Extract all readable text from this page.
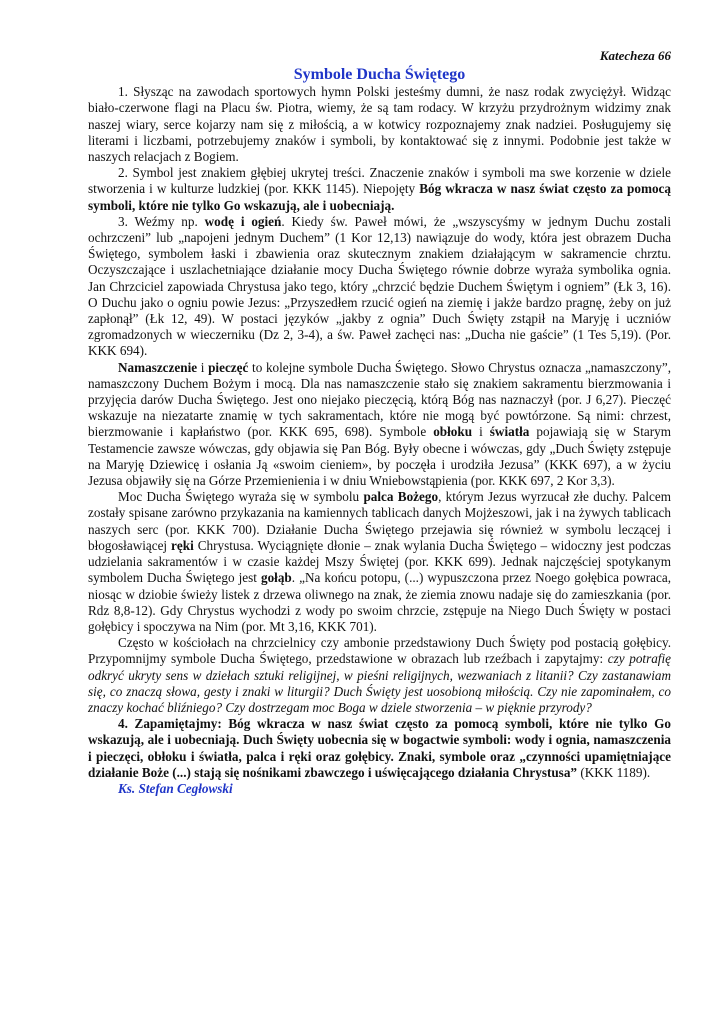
Katecheza 66
Symbole Ducha Świętego

1. Słysząc na zawodach sportowych hymn Polski jesteśmy dumni, że nasz rodak zwyciężył. Widząc biało-czerwone flagi na Placu św. Piotra, wiemy, że są tam rodacy. W krzyżu przydrożnym widzimy znak naszej wiary, serce kojarzy nam się z miłością, a w kotwicy rozpoznajemy znak nadziei. Posługujemy się literami i liczbami, potrzebujemy znaków i symboli, by kontaktować się z innymi. Podobnie jest także w naszych relacjach z Bogiem.

2. Symbol jest znakiem głębiej ukrytej treści. Znaczenie znaków i symboli ma swe korzenie w dziele stworzenia i w kulturze ludzkiej (por. KKK 1145). Niepojęty Bóg wkracza w nasz świat często za pomocą symboli, które nie tylko Go wskazują, ale i uobecniają.

3. Weźmy np. wodę i ogień. Kiedy św. Paweł mówi, że „wszyscyśmy w jednym Duchu zostali ochrzczeni” lub „napojeni jednym Duchem” (1 Kor 12,13) nawiązuje do wody, która jest obrazem Ducha Świętego, symbolem łaski i zbawienia oraz skutecznym znakiem działającym w sakramencie chrztu. Oczyszczające i uszlachetniające działanie mocy Ducha Świętego równie dobrze wyraża symbolika ognia. Jan Chrzciciel zapowiada Chrystusa jako tego, który „chrzcić będzie Duchem Świętym i ogniem” (Łk 3, 16). O Duchu jako o ogniu powie Jezus: „Przyszedłem rzucić ogień na ziemię i jakże bardzo pragnę, żeby on już zapłonął” (Łk 12, 49). W postaci języków „jakby z ognia” Duch Święty zstąpił na Maryję i uczniów zgromadzonych w wieczerniku (Dz 2, 3-4), a św. Paweł zachęci nas: „Ducha nie gaście” (1 Tes 5,19). (Por. KKK 694).

Namaszczenie i pieczęć to kolejne symbole Ducha Świętego. Słowo Chrystus oznacza „namaszczony”, namaszczony Duchem Bożym i mocą. Dla nas namaszczenie stało się znakiem sakramentu bierzmowania i przyjęcia darów Ducha Świętego. Jest ono niejako pieczęcią, którą Bóg nas naznaczył (por. J 6,27). Pieczęć wskazuje na niezatarte znamię w tych sakramentach, które nie mogą być powtórzone. Są nimi: chrzest, bierzmowanie i kapłaństwo (por. KKK 695, 698). Symbole obłoku i światła pojawiają się w Starym Testamencie zawsze wówczas, gdy objawia się Pan Bóg. Były obecne i wówczas, gdy „Duch Święty zstępuje na Maryję Dziewicę i osłania Ją «swoim cieniem», by poczęła i urodziła Jezusa” (KKK 697), a w życiu Jezusa objawiły się na Górze Przemienienia i w dniu Wniebowstąpienia (por. KKK 697, 2 Kor 3,3).

Moc Ducha Świętego wyraża się w symbolu palca Bożego, którym Jezus wyrzucał złe duchy. Palcem zostały spisane zarówno przykazania na kamiennych tablicach danych Mojżeszowi, jak i na żywych tablicach naszych serc (por. KKK 700). Działanie Ducha Świętego przejawia się również w symbolu leczącej i błogosławiącej ręki Chrystusa. Wyciągnięte dłonie – znak wylania Ducha Świętego – widoczny jest podczas udzielania sakramentów i w czasie każdej Mszy Świętej (por. KKK 699). Jednak najczęściej spotykanym symbolem Ducha Świętego jest gołąb. „Na końcu potopu, (...) wypuszczona przez Noego gołębica powraca, niosąc w dziobie świeży listek z drzewa oliwnego na znak, że ziemia znowu nadaje się do zamieszkania (por. Rdz 8,8-12). Gdy Chrystus wychodzi z wody po swoim chrzcie, zstępuje na Niego Duch Święty w postaci gołębicy i spoczywa na Nim (por. Mt 3,16, KKK 701).

Często w kościołach na chrzcielnicy czy ambonie przedstawiony Duch Święty pod postacią gołębicy. Przypomnijmy symbole Ducha Świętego, przedstawione w obrazach lub rzeźbach i zapytajmy: czy potrafię odkryć ukryty sens w dziełach sztuki religijnej, w pieśni religijnych, wezwaniach z litanii? Czy zastanawiam się, co znaczą słowa, gesty i znaki w liturgii? Duch Święty jest uosobioną miłością. Czy nie zapominałem, co znaczy kochać bliźniego? Czy dostrzegam moc Boga w dziele stworzenia – w pięknie przyrody?

4. Zapamiętajmy: Bóg wkracza w nasz świat często za pomocą symboli, które nie tylko Go wskazują, ale i uobecniają. Duch Święty uobecnia się w bogactwie symboli: wody i ognia, namaszczenia i pieczęci, obłoku i światła, palca i ręki oraz gołębicy. Znaki, symbole oraz „czynności upamiętniające działanie Boże (...) stają się nośnikami zbawczego i uświęcającego działania Chrystusa” (KKK 1189).

Ks. Stefan Cegłowski
